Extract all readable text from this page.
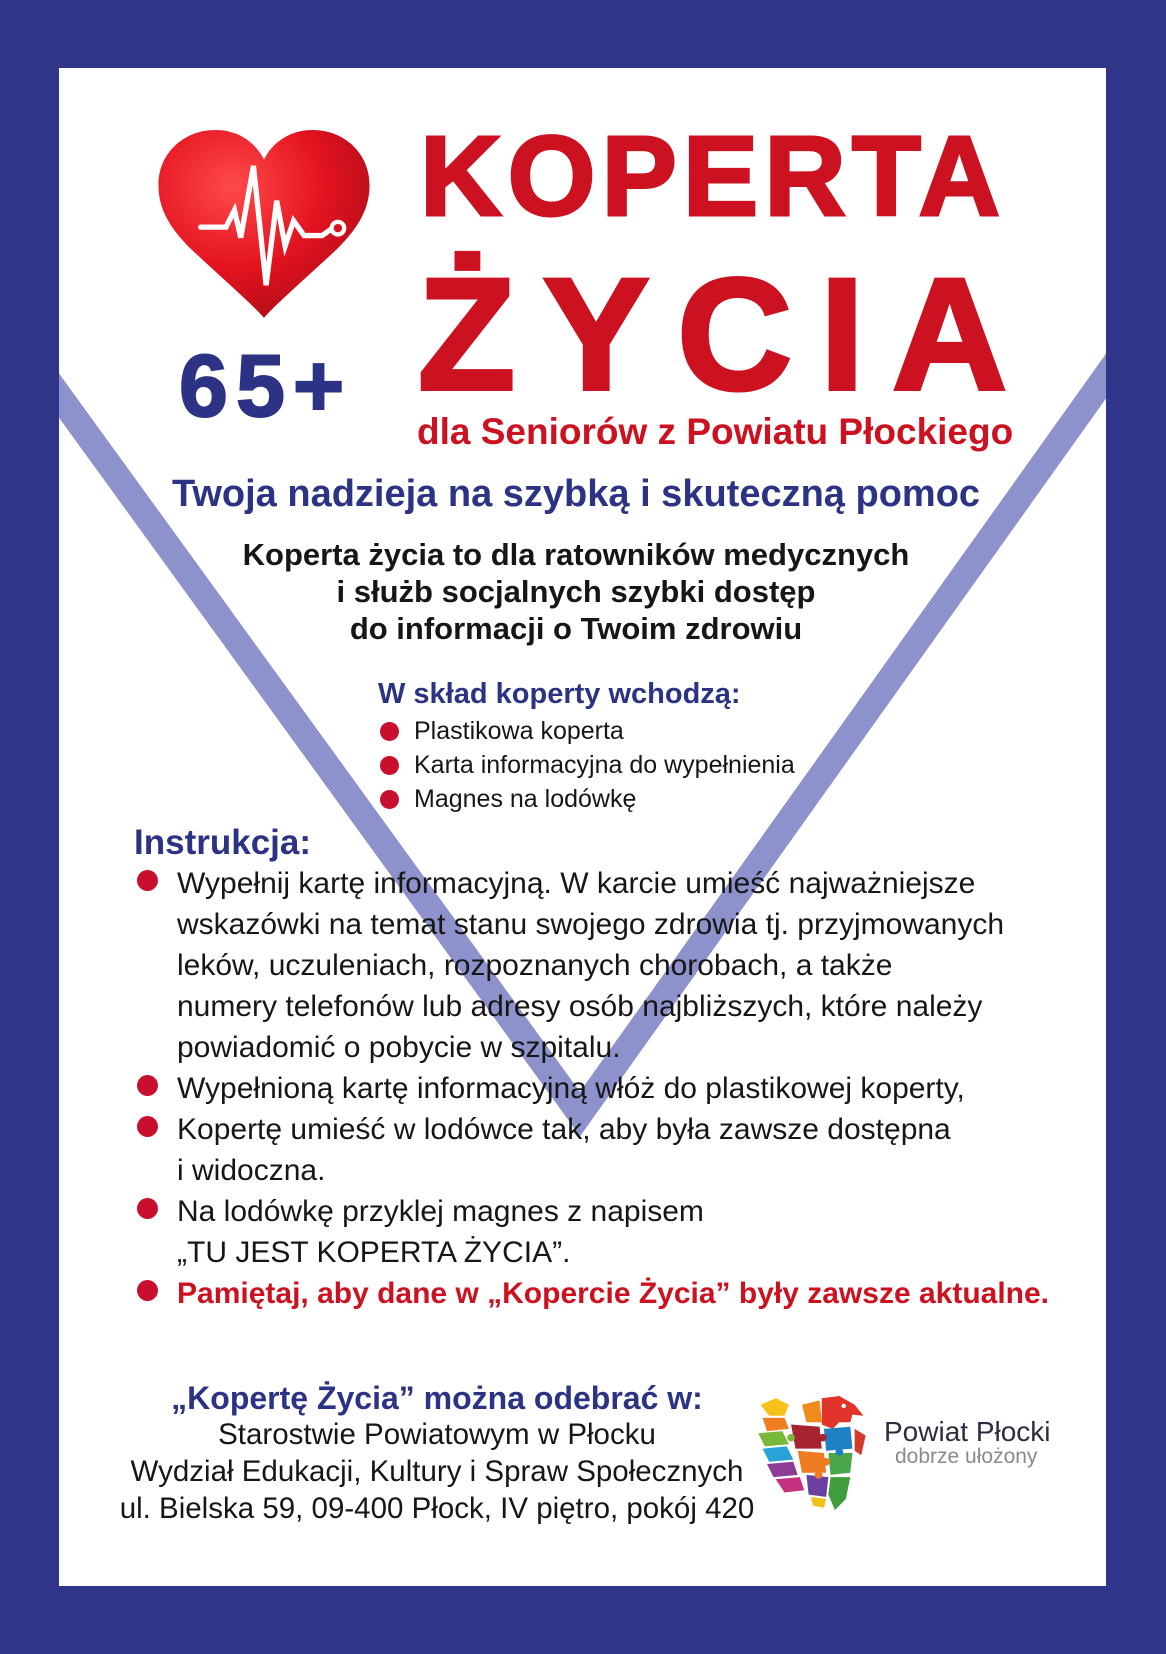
65+
KOPERTA
ŻYCIA
dla Seniorów z Powiatu Płockiego
Twoja nadzieja na szybką i skuteczną pomoc
Koperta życia to dla ratowników medycznych
i służb socjalnych szybki dostęp
do informacji o Twoim zdrowiu
W skład koperty wchodzą:
Plastikowa koperta
Karta informacyjna do wypełnienia
Magnes na lodówkę
Instrukcja:
Wypełnij kartę informacyjną. W karcie umieść najważniejsze
wskazówki na temat stanu swojego zdrowia tj. przyjmowanych
leków, uczuleniach, rozpoznanych chorobach, a także
numery telefonów lub adresy osób najbliższych, które należy
powiadomić o pobycie w szpitalu.
Wypełnioną kartę informacyjną włóż do plastikowej koperty,
Kopertę umieść w lodówce tak, aby była zawsze dostępna
i widoczna.
Na lodówkę przyklej magnes z napisem
„TU JEST KOPERTA ŻYCIA”.
Pamiętaj, aby dane w „Kopercie Życia” były zawsze aktualne.
„Kopertę Życia” można odebrać w:
Starostwie Powiatowym w Płocku
Wydział Edukacji, Kultury i Spraw Społecznych
ul. Bielska 59, 09-400 Płock, IV piętro, pokój 420
Powiat Płocki
dobrze ułożony
